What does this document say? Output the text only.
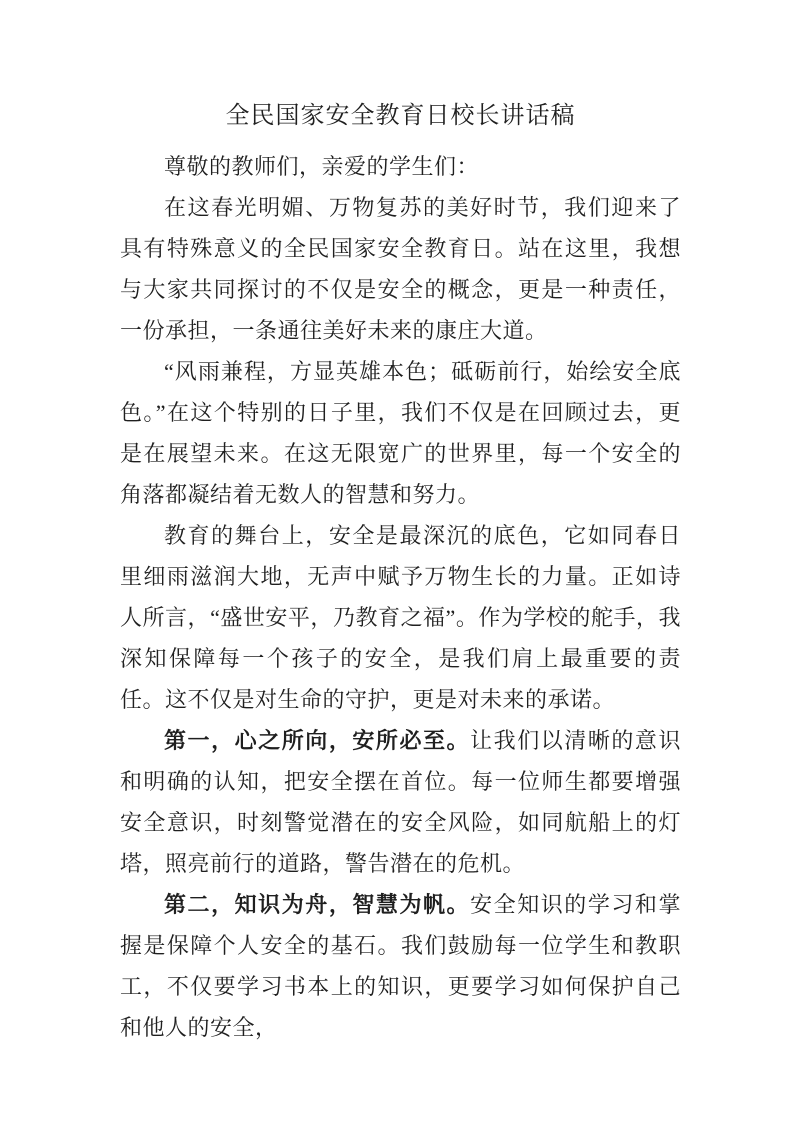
全民国家安全教育日校长讲话稿

尊敬的教师们，亲爱的学生们：

在这春光明媚、万物复苏的美好时节，我们迎来了具有特殊意义的全民国家安全教育日。站在这里，我想与大家共同探讨的不仅是安全的概念，更是一种责任，一份承担，一条通往美好未来的康庄大道。

“风雨兼程，方显英雄本色；砥砺前行，始绘安全底色。”在这个特别的日子里，我们不仅是在回顾过去，更是在展望未来。在这无限宽广的世界里，每一个安全的角落都凝结着无数人的智慧和努力。

教育的舞台上，安全是最深沉的底色，它如同春日里细雨滋润大地，无声中赋予万物生长的力量。正如诗人所言，“盛世安平，乃教育之福”。作为学校的舵手，我深知保障每一个孩子的安全，是我们肩上最重要的责任。这不仅是对生命的守护，更是对未来的承诺。

第一，心之所向，安所必至。让我们以清晰的意识和明确的认知，把安全摆在首位。每一位师生都要增强安全意识，时刻警觉潜在的安全风险，如同航船上的灯塔，照亮前行的道路，警告潜在的危机。

第二，知识为舟，智慧为帆。安全知识的学习和掌握是保障个人安全的基石。我们鼓励每一位学生和教职工，不仅要学习书本上的知识，更要学习如何保护自己和他人的安全，
